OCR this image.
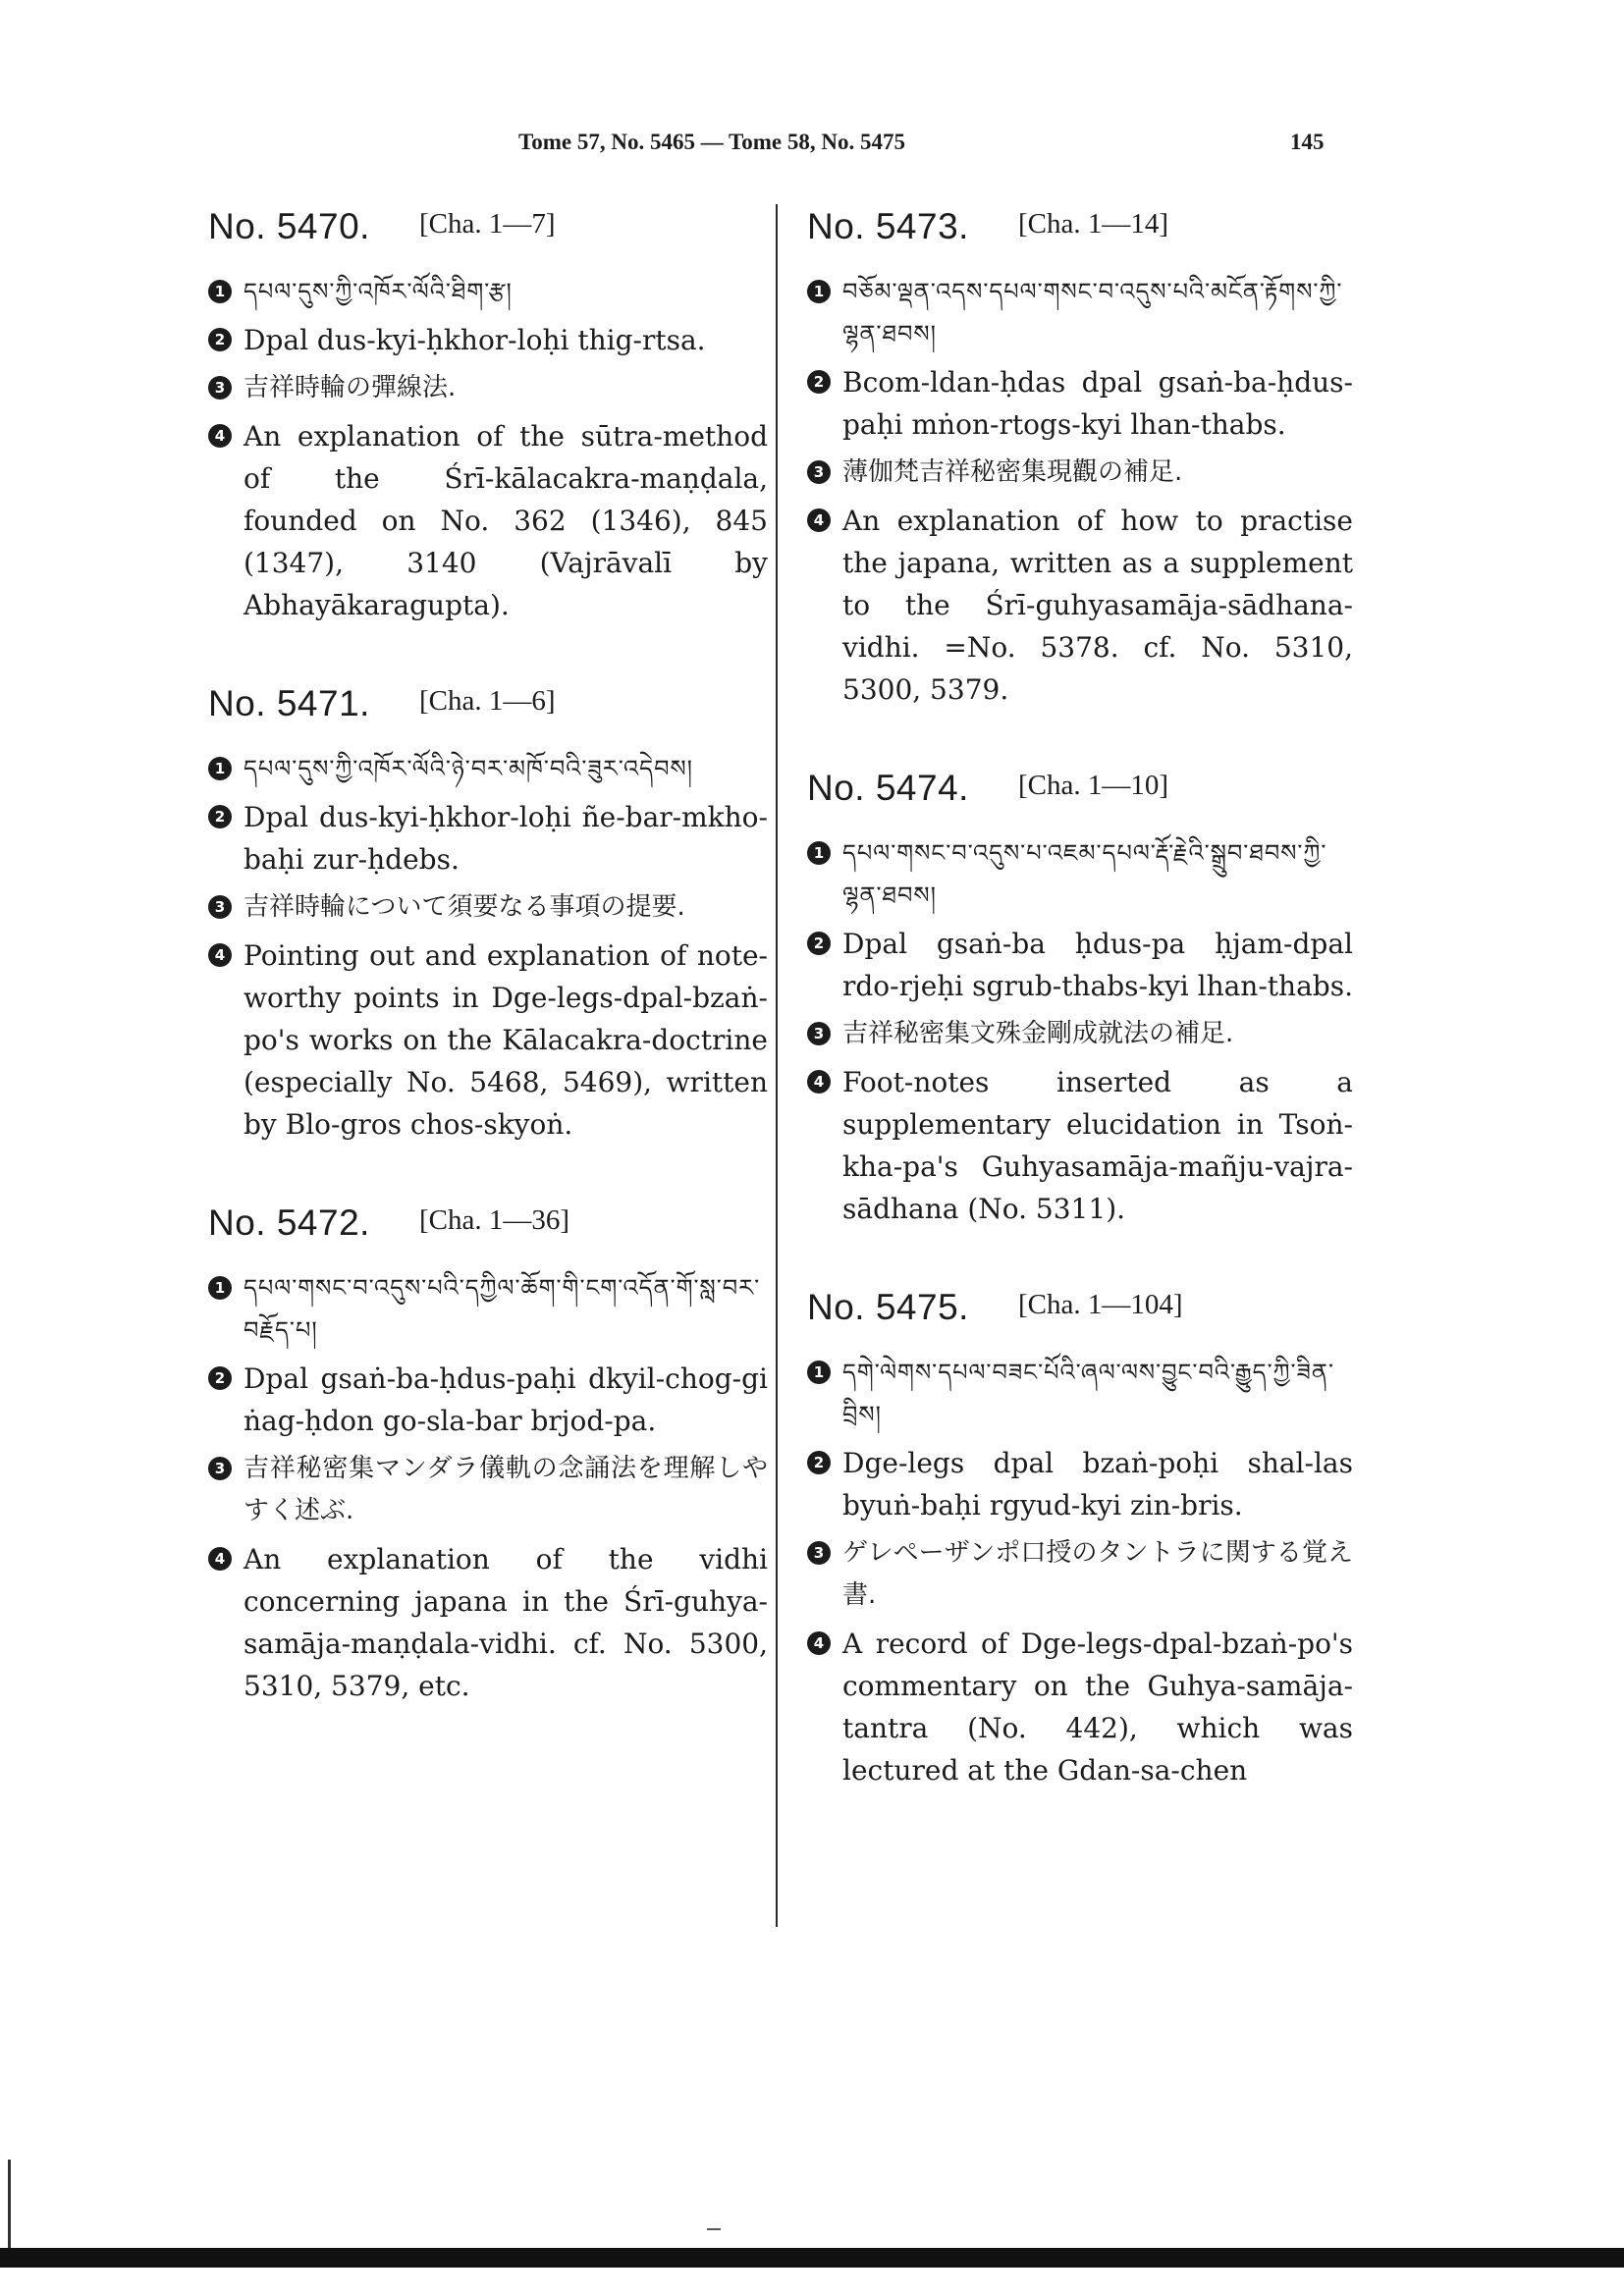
Tome 57, No. 5465 — Tome 58, No. 5475	145
No. 5470. [Cha. 1—7]
1 དཔལ་དུས་ཀྱི་འཁོར་ལོའི་ཐིག་རྩ།
2 Dpal dus-kyi-ḥkhor-loḥi thig-rtsa.
3 吉祥時輪の彈線法.
4 An explanation of the sūtra-method of the Śrī-kālacakra-maṇḍala, founded on No. 362 (1346), 845 (1347), 3140 (Vajrāvalī by Abhayākaragupta).
No. 5471. [Cha. 1—6]
1 དཔལ་དུས་ཀྱི་འཁོར་ལོའི་ཉེ་བར་མཁོ་བའི་ཟུར་འདེབས།
2 Dpal dus-kyi-ḥkhor-loḥi ñe-bar-mkho-baḥi zur-ḥdebs.
3 吉祥時輪について須要なる事項の提要.
4 Pointing out and explanation of note-worthy points in Dge-legs-dpal-bzaṅ-po's works on the Kālacakra-doctrine (especially No. 5468, 5469), written by Blo-gros chos-skyoṅ.
No. 5472. [Cha. 1—36]
1 དཔལ་གསང་བ་འདུས་པའི་དཀྱིལ་ཆོག་གི་ངག་འདོན་གོ་སླ་བར་བརྗོད་པ།
2 Dpal gsaṅ-ba-ḥdus-paḥi dkyil-chog-gi ṅag-ḥdon go-sla-bar brjod-pa.
3 吉祥秘密集マンダラ儀軌の念誦法を理解しやすく述ぶ.
4 An explanation of the vidhi concerning japana in the Śrī-guhya-samāja-maṇḍala-vidhi. cf. No. 5300, 5310, 5379, etc.
No. 5473. [Cha. 1—14]
1 བཅོམ་ལྡན་འདས་དཔལ་གསང་བ་འདུས་པའི་མངོན་རྟོགས་ཀྱི་ལྷན་ཐབས།
2 Bcom-ldan-ḥdas dpal gsaṅ-ba-ḥdus-paḥi mṅon-rtogs-kyi lhan-thabs.
3 薄伽梵吉祥秘密集現觀の補足.
4 An explanation of how to practise the japana, written as a supplement to the Śrī-guhyasamāja-sādhana-vidhi. =No. 5378. cf. No. 5310, 5300, 5379.
No. 5474. [Cha. 1—10]
1 དཔལ་གསང་བ་འདུས་པ་འཇམ་དཔལ་རྡོ་རྗེའི་སྒྲུབ་ཐབས་ཀྱི་ལྷན་ཐབས།
2 Dpal gsaṅ-ba ḥdus-pa ḥjam-dpal rdo-rjeḥi sgrub-thabs-kyi lhan-thabs.
3 吉祥秘密集文殊金剛成就法の補足.
4 Foot-notes inserted as a supplementary elucidation in Tsoṅ-kha-pa's Guhyasamāja-mañju-vajra-sādhana (No. 5311).
No. 5475. [Cha. 1—104]
1 དགེ་ལེགས་དཔལ་བཟང་པོའི་ཞལ་ལས་བྱུང་བའི་རྒྱུད་ཀྱི་ཟིན་བྲིས།
2 Dge-legs dpal bzaṅ-poḥi shal-las byuṅ-baḥi rgyud-kyi zin-bris.
3 ゲレペーザンポ口授のタントラに関する覚え書.
4 A record of Dge-legs-dpal-bzaṅ-po's commentary on the Guhya-samāja-tantra (No. 442), which was lectured at the Gdan-sa-chen
